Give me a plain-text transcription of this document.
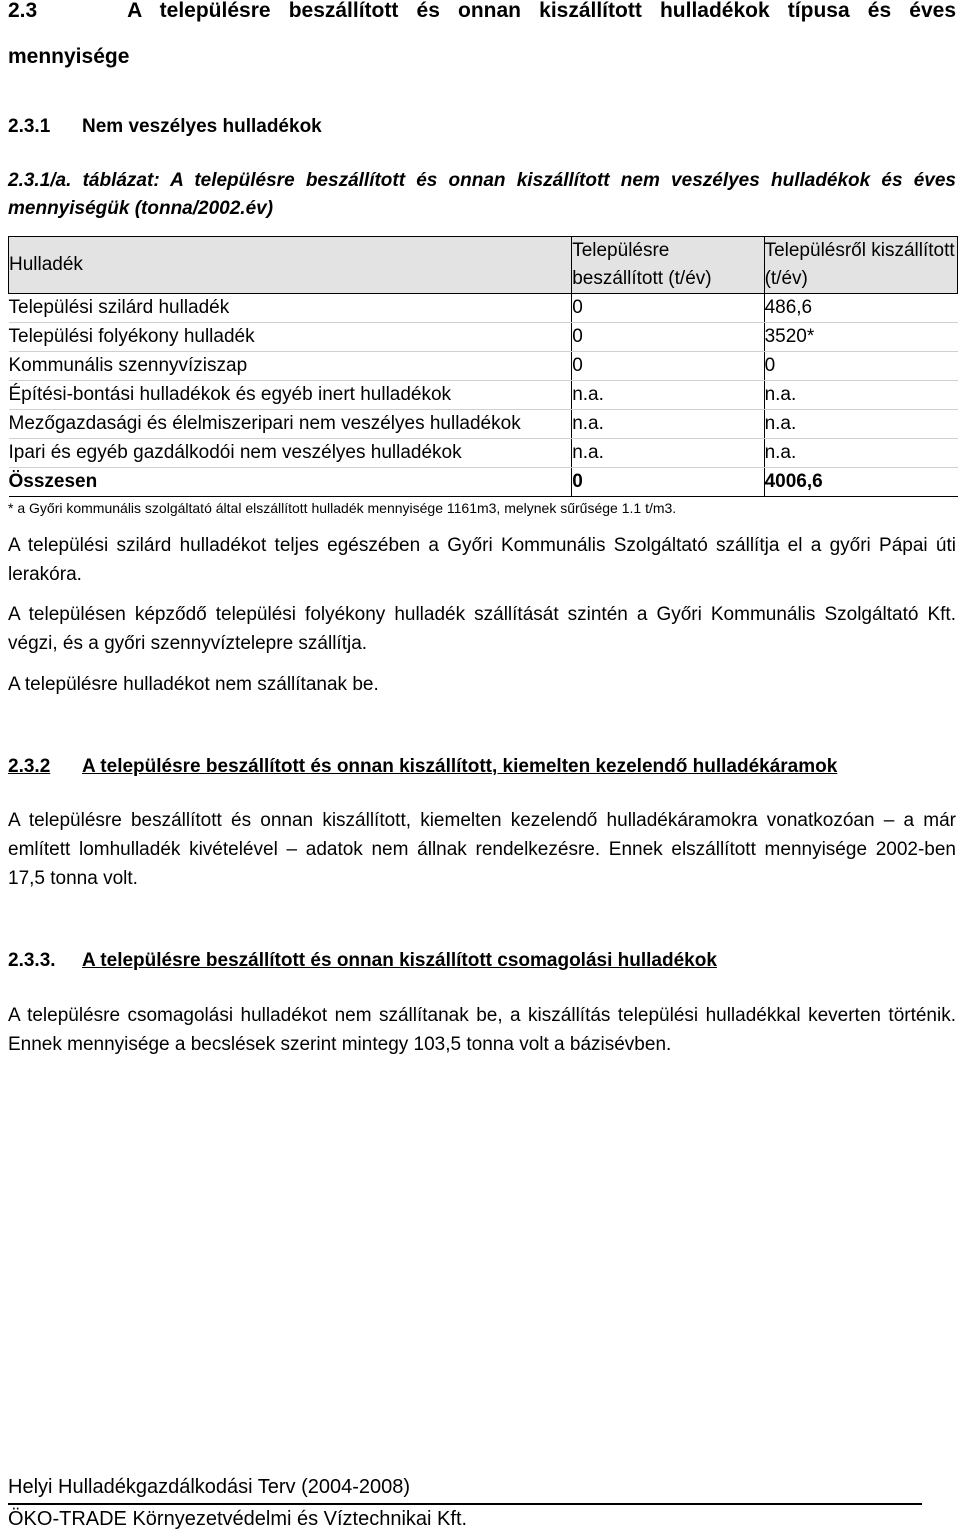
2.3	A településre beszállított és onnan kiszállított hulladékok típusa és éves

mennyisége

2.3.1 Nem veszélyes hulladékok

2.3.1/a. táblázat: A településre beszállított és onnan kiszállított nem veszélyes hulladékok és éves
mennyiségük (tonna/2002.év)
Hulladék	Településre beszállított (t/év)	Településről kiszállított (t/év)
Települési szilárd hulladék	0	486,6
Települési folyékony hulladék	0	3520*
Kommunális szennyvíziszap	0	0
Építési-bontási hulladékok és egyéb inert hulladékok	n.a.	n.a.
Mezőgazdasági és élelmiszeripari nem veszélyes hulladékok	n.a.	n.a.
Ipari és egyéb gazdálkodói nem veszélyes hulladékok	n.a.	n.a.
Összesen	0	4006,6

* a Győri kommunális szolgáltató által elszállított hulladék mennyisége 1161m3, melynek sűrűsége 1.1 t/m3.

A települési szilárd hulladékot teljes egészében a Győri Kommunális Szolgáltató szállítja el a győri Pápai úti lerakóra.

A településen képződő települési folyékony hulladék szállítását szintén a Győri Kommunális Szolgáltató Kft. végzi, és a győri szennyvíztelepre szállítja.

A településre hulladékot nem szállítanak be.

2.3.2 A településre beszállított és onnan kiszállított, kiemelten kezelendő hulladékáramok

A településre beszállított és onnan kiszállított, kiemelten kezelendő hulladékáramokra vonatkozóan – a már említett lomhulladék kivételével – adatok nem állnak rendelkezésre. Ennek elszállított mennyisége 2002-ben 17,5 tonna volt.

2.3.3. A településre beszállított és onnan kiszállított csomagolási hulladékok

A településre csomagolási hulladékot nem szállítanak be, a kiszállítás települési hulladékkal keverten történik. Ennek mennyisége a becslések szerint mintegy 103,5 tonna volt a bázisévben.

Helyi Hulladékgazdálkodási Terv (2004-2008)
ÖKO-TRADE Környezetvédelmi és Víztechnikai Kft.
